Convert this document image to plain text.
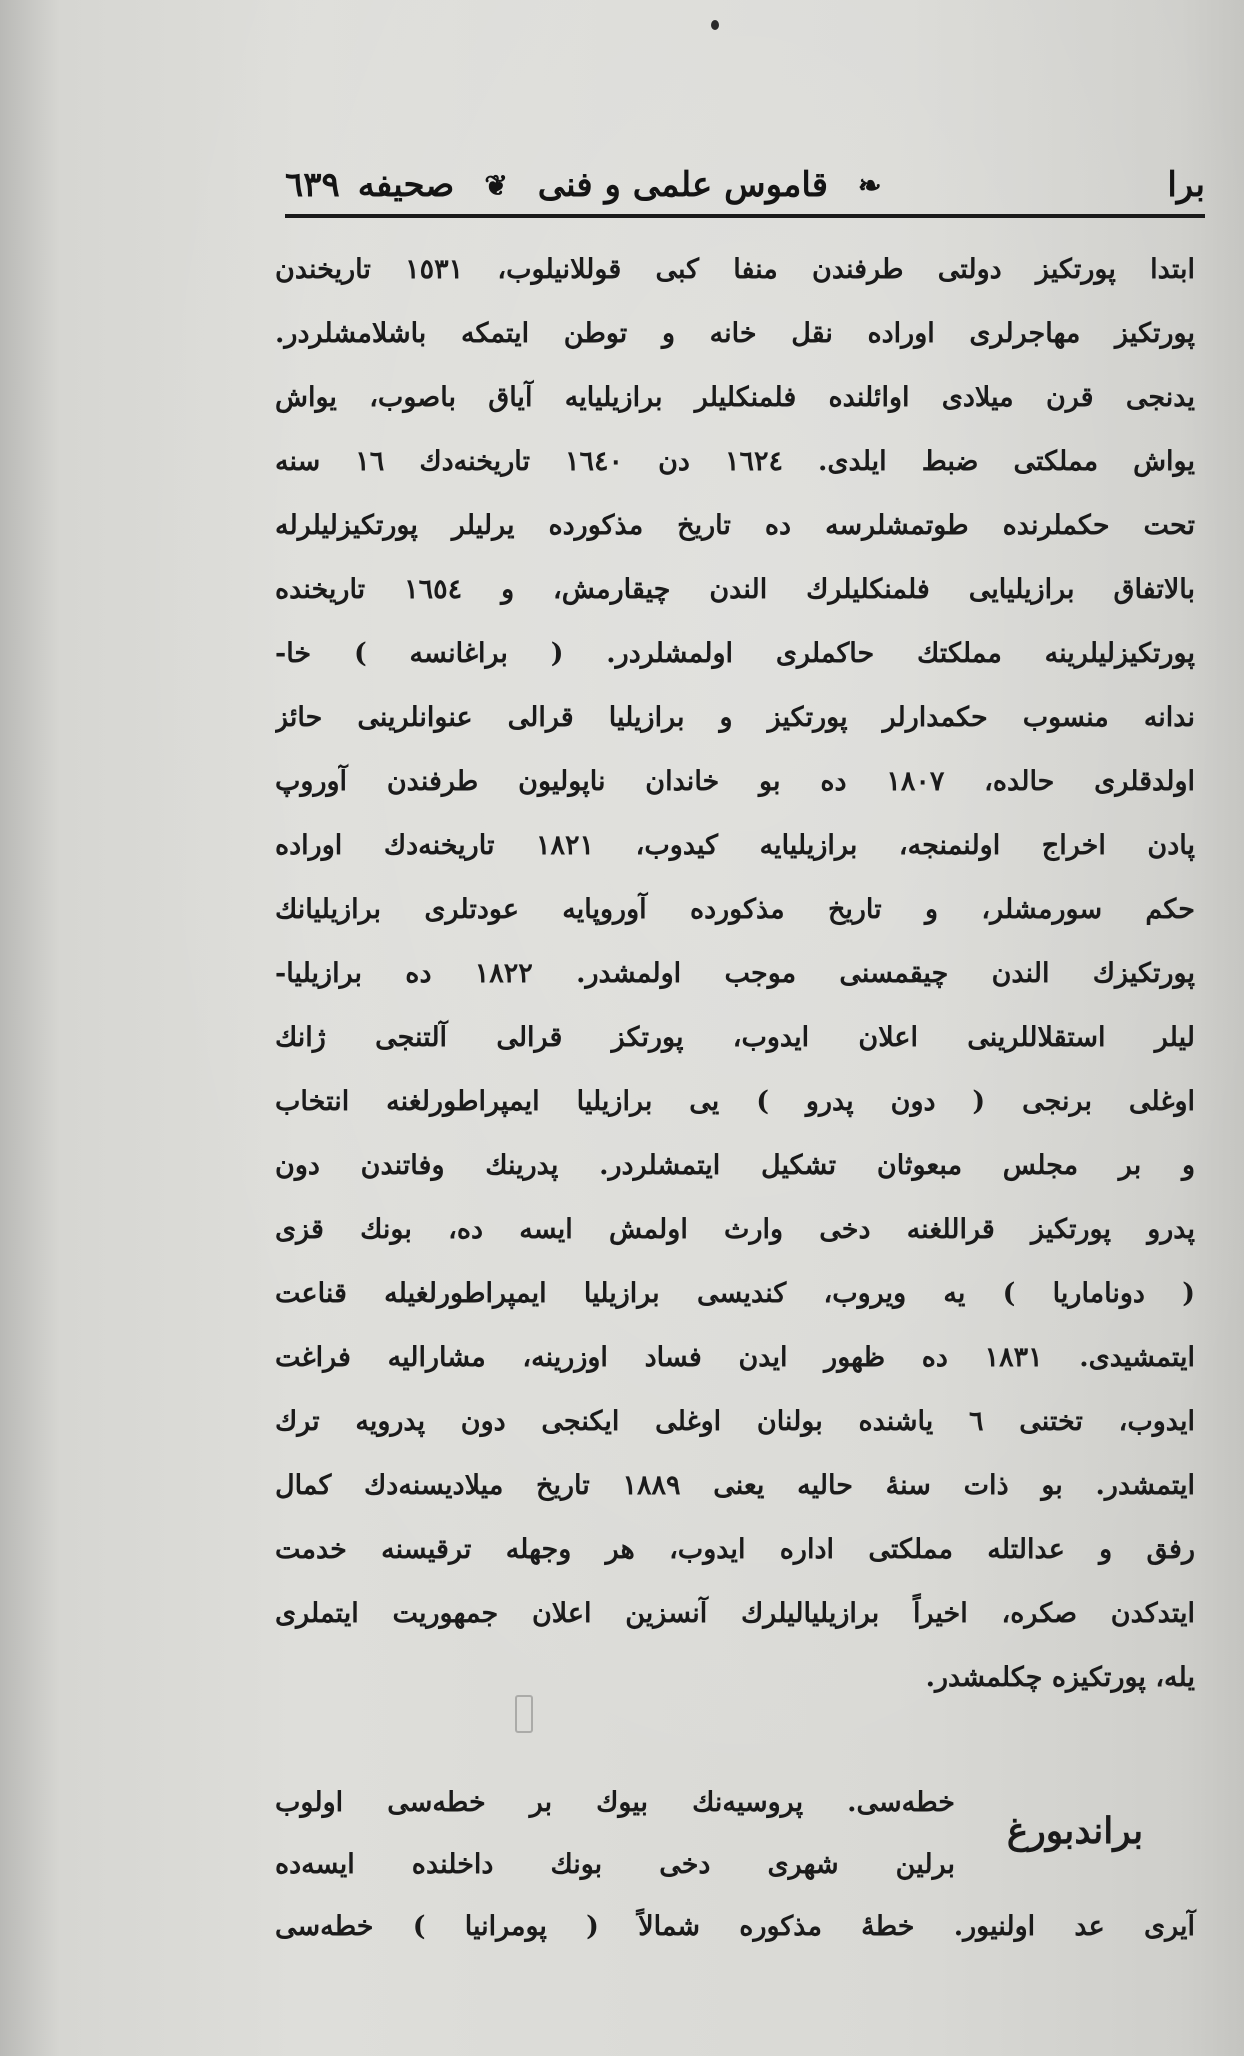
برا
❧
قاموس علمی و فنی
❦
صحیفه
٦٣٩
ابتدا پورتکیز دولتی طرفندن منفا کبی قوللانیلوب، ١٥٣١ تاریخندن
پورتکیز مهاجرلری اوراده نقل خانه و توطن ایتمکه باشلامشلردر.
یدنجی قرن میلادی اوائلنده فلمنکلیلر برازیلیایه آیاق باصوب، یواش
یواش مملکتی ضبط ایلدی. ١٦٢٤ دن ١٦٤٠ تاریخنه‌دك ١٦ سنه
تحت حکملرنده طوتمشلرسه ده تاریخ مذکورده یرلیلر پورتکیزلیلرله
بالاتفاق برازیلیایی فلمنکلیلرك الندن چیقارمش، و ١٦٥٤ تاریخنده
پورتکیزلیلرینه مملکتك حاکملری اولمشلردر. ( براغانسه ) خا-
ندانه منسوب حکمدارلر پورتکیز و برازیلیا قرالی عنوانلرینی حائز
اولدقلری حالده، ١٨٠٧ ده بو خاندان ناپولیون طرفندن آوروپ
پادن اخراج اولنمنجه، برازیلیایه کیدوب، ١٨٢١ تاریخنه‌دك اوراده
حکم سورمشلر، و تاریخ مذکورده آوروپایه عودتلری برازیلیانك
پورتکیزك الندن چیقمسنی موجب اولمشدر. ١٨٢٢ ده برازیلیا-
لیلر استقلاللرینی اعلان ایدوب، پورتکز قرالی آلتنجی ژانك
اوغلی برنجی ( دون پدرو ) یی برازیلیا ایمپراطورلغنه انتخاب
و بر مجلس مبعوثان تشکیل ایتمشلردر. پدرینك وفاتندن دون
پدرو پورتکیز قراللغنه دخی وارث اولمش ایسه ده، بونك قزی
( دوناماریا ) یه ویروب، کندیسی برازیلیا ایمپراطورلغیله قناعت
ایتمشیدی. ١٨٣١ ده ظهور ایدن فساد اوزرینه، مشارالیه فراغت
ایدوب، تختنی ٦ یاشنده بولنان اوغلی ایکنجی دون پدرویه ترك
ایتمشدر. بو ذات سنهٔ حالیه یعنی ١٨٨٩ تاریخ میلادیسنه‌دك کمال
رفق و عدالتله مملکتی اداره ایدوب، هر وجهله ترقیسنه خدمت
ایتدکدن صکره، اخیراً برازیلیالیلرك آنسزین اعلان جمهوریت ایتملری
یله، پورتکیزه چکلمشدر.
براندبورغ
خطه‌سی. پروسیه‌نك بیوك بر خطه‌سی اولوب
برلین شهری دخی بونك داخلنده ایسه‌ده
آیری عد اولنیور. خطهٔ مذکوره شمالاً ( پومرانیا ) خطه‌سی
